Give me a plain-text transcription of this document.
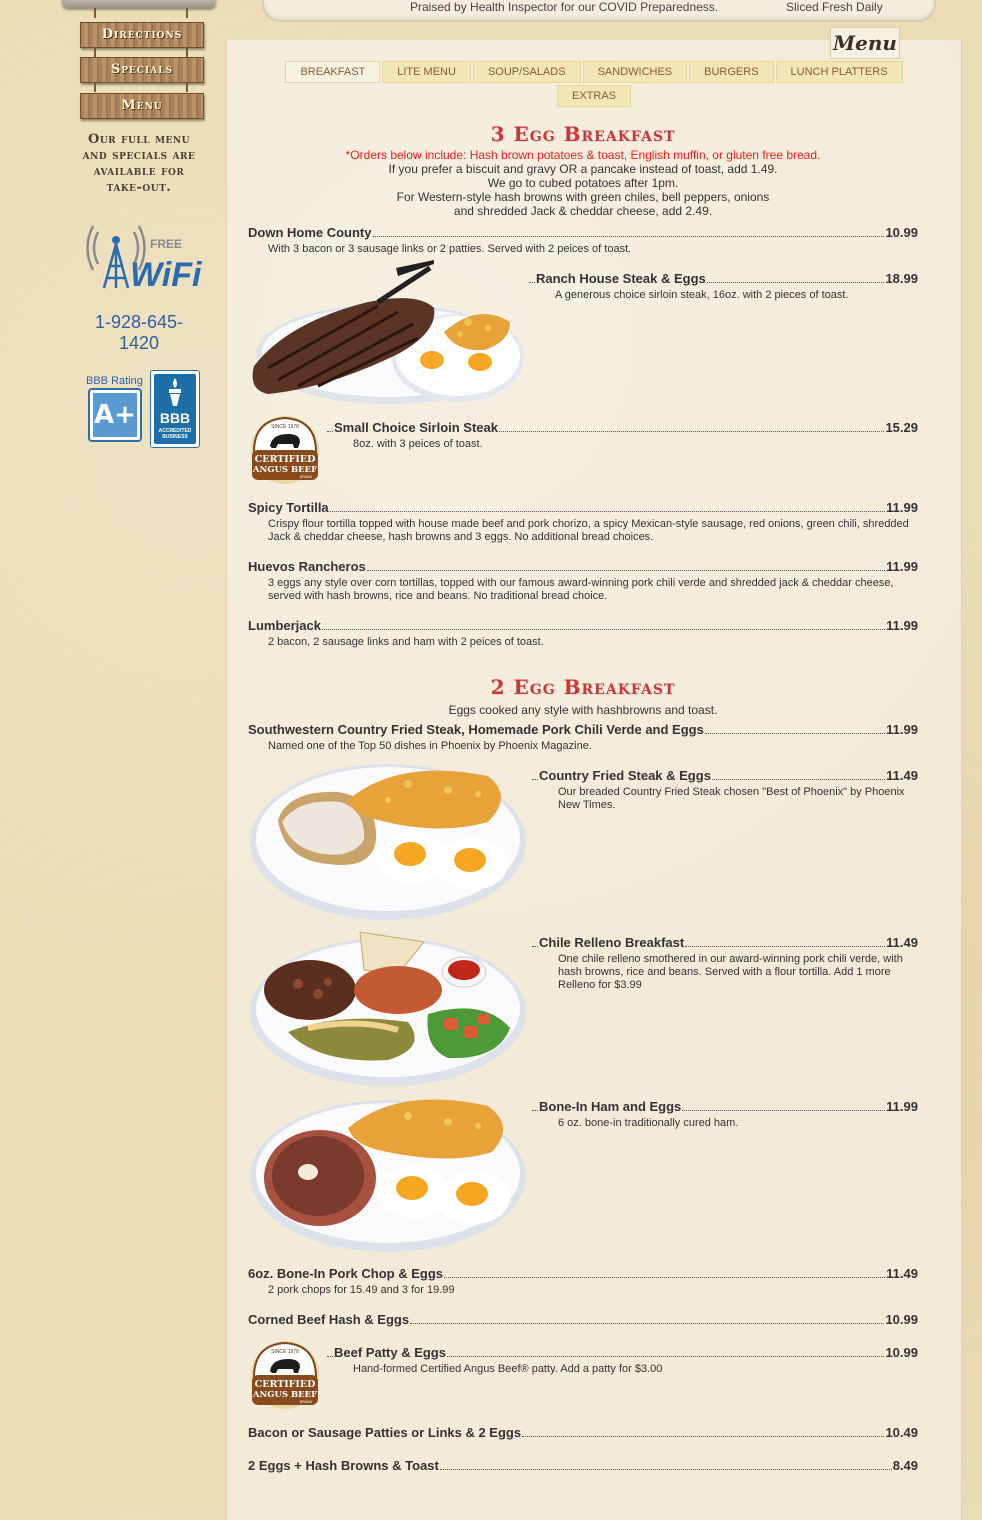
Directions
Specials
Menu
Our full menu and specials are available for take-out.
FREE
WiFi
1-928-645-1420
BBB Rating
A+	BBB
ACCREDITED BUSINESS
Praised by Health Inspector for our COVID Preparedness.	Sliced Fresh Daily
Menu
BREAKFAST	LITE MENU	SOUP/SALADS	SANDWICHES	BURGERS	LUNCH PLATTERS EXTRAS
3 Egg Breakfast
*Orders below include: Hash brown potatoes & toast, English muffin, or gluten free bread.
If you prefer a biscuit and gravy OR a pancake instead of toast, add 1.49.
We go to cubed potatoes after 1pm.
For Western-style hash browns with green chiles, bell peppers, onions
and shredded Jack & cheddar cheese, add 2.49.
Down Home County	10.99
With 3 bacon or 3 sausage links or 2 patties. Served with 2 peices of toast.
Ranch House Steak & Eggs	18.99
A generous choice sirloin steak, 16oz. with 2 pieces of toast.
SINCE 1978
CERTIFIED
ANGUS BEEF
BRAND
Small Choice Sirloin Steak	15.29
8oz. with 3 peices of toast.
Spicy Tortilla	11.99
Crispy flour tortilla topped with house made beef and pork chorizo, a spicy Mexican-style sausage, red onions, green chili, shredded Jack & cheddar cheese, hash browns and 3 eggs. No additional bread choices.
Huevos Rancheros	11.99
3 eggs any style over corn tortillas, topped with our famous award-winning pork chili verde and shredded jack & cheddar cheese, served with hash browns, rice and beans. No traditional bread choice.
Lumberjack	11.99
2 bacon, 2 sausage links and ham with 2 peices of toast.
2 Egg Breakfast
Eggs cooked any style with hashbrowns and toast.
Southwestern Country Fried Steak, Homemade Pork Chili Verde and Eggs	11.99
Named one of the Top 50 dishes in Phoenix by Phoenix Magazine.
Country Fried Steak & Eggs	11.49
Our breaded Country Fried Steak chosen "Best of Phoenix" by Phoenix New Times.
Chile Relleno Breakfast	11.49
One chile relleno smothered in our award-winning pork chili verde, with hash browns, rice and beans. Served with a flour tortilla. Add 1 more Relleno for $3.99
Bone-In Ham and Eggs	11.99
6 oz. bone-in traditionally cured ham.
6oz. Bone-In Pork Chop & Eggs	11.49
2 pork chops for 15.49 and 3 for 19.99
Corned Beef Hash & Eggs	10.99
SINCE 1978
CERTIFIED
ANGUS BEEF
BRAND
Beef Patty & Eggs	10.99
Hand-formed Certified Angus Beef® patty. Add a patty for $3.00
Bacon or Sausage Patties or Links & 2 Eggs	10.49
2 Eggs + Hash Browns & Toast	8.49
